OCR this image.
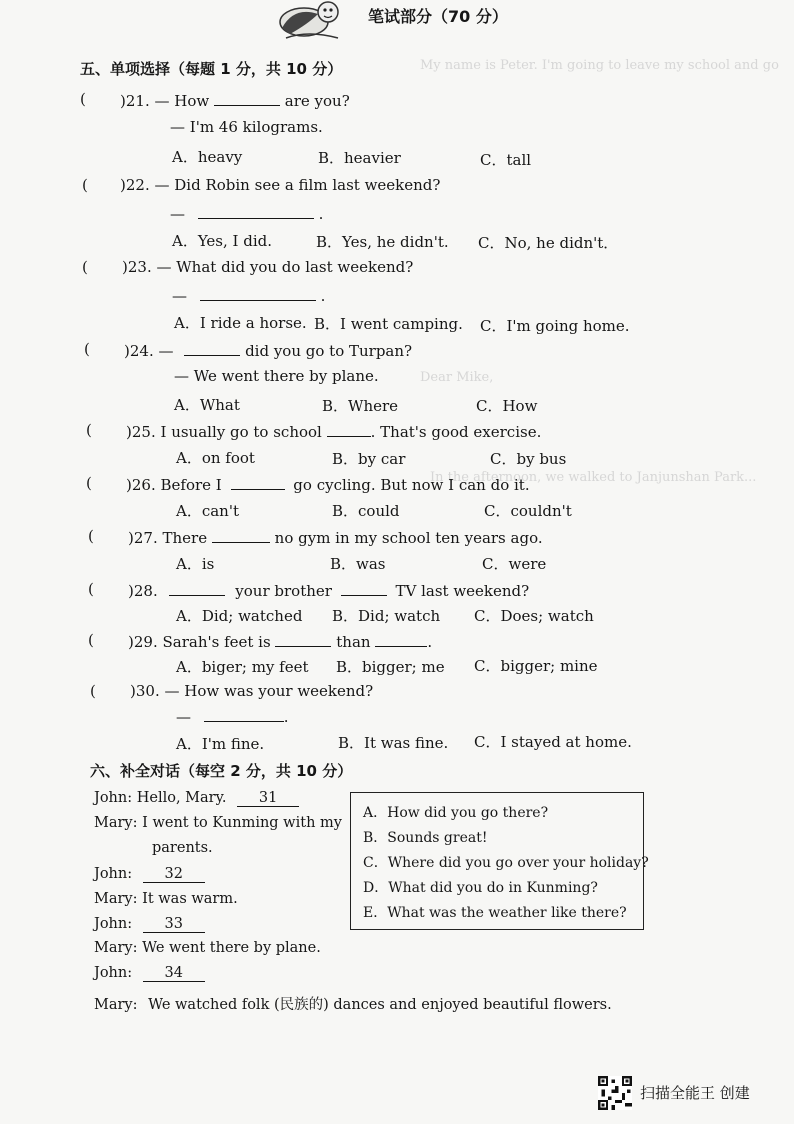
笔试部分（70 分）
My name is Peter. I'm going to leave my school and go
Dear Mike,
In the afternoon, we walked to Janjunshan Park...
五、单项选择（每题 1 分，共 10 分）
( )21. — How	are you?
— I'm 46 kilograms.
A．heavy	B．heavier	C．tall
( )22. — Did Robin see a film last weekend?
—	.
A．Yes, I did.	B．Yes, he didn't. C．No, he didn't．
( )23. — What did you do last weekend?
—	.
A．I ride a horse. B．I went camping. C．I'm going home.
( )24. —	did you go to Turpan?
— We went there by plane.
A．What	B．Where	C．How
( )25. I usually go to school	. That's good exercise.
A．on foot	B．by car	C．by bus
( )26. Before I	go cycling. But now I can do it.
A．can't	B．could	C．couldn't
( )27. There	no gym in my school ten years ago.
A．is	B．was	C．were
( )28.	your brother	TV last weekend?
A．Did; watched B．Did; watch C．Does; watch
( )29. Sarah's feet is	than	.
A．biger; my feet B．bigger; me C．bigger; mine
( )30. — How was your weekend?
—	.
A．I'm fine.	B．It was fine. C．I stayed at home.
六、补全对话（每空 2 分，共 10 分）
John: Hello, Mary. 31
Mary: I went to Kunming with my
parents.
John: 32
Mary: It was warm.
John: 33
Mary: We went there by plane.
John: 34
Mary: We watched folk (民族的) dances and enjoyed beautiful flowers.
A．How did you go there?
B．Sounds great!
C．Where did you go over your holiday?
D．What did you do in Kunming?
E．What was the weather like there?
扫描全能王 创建
